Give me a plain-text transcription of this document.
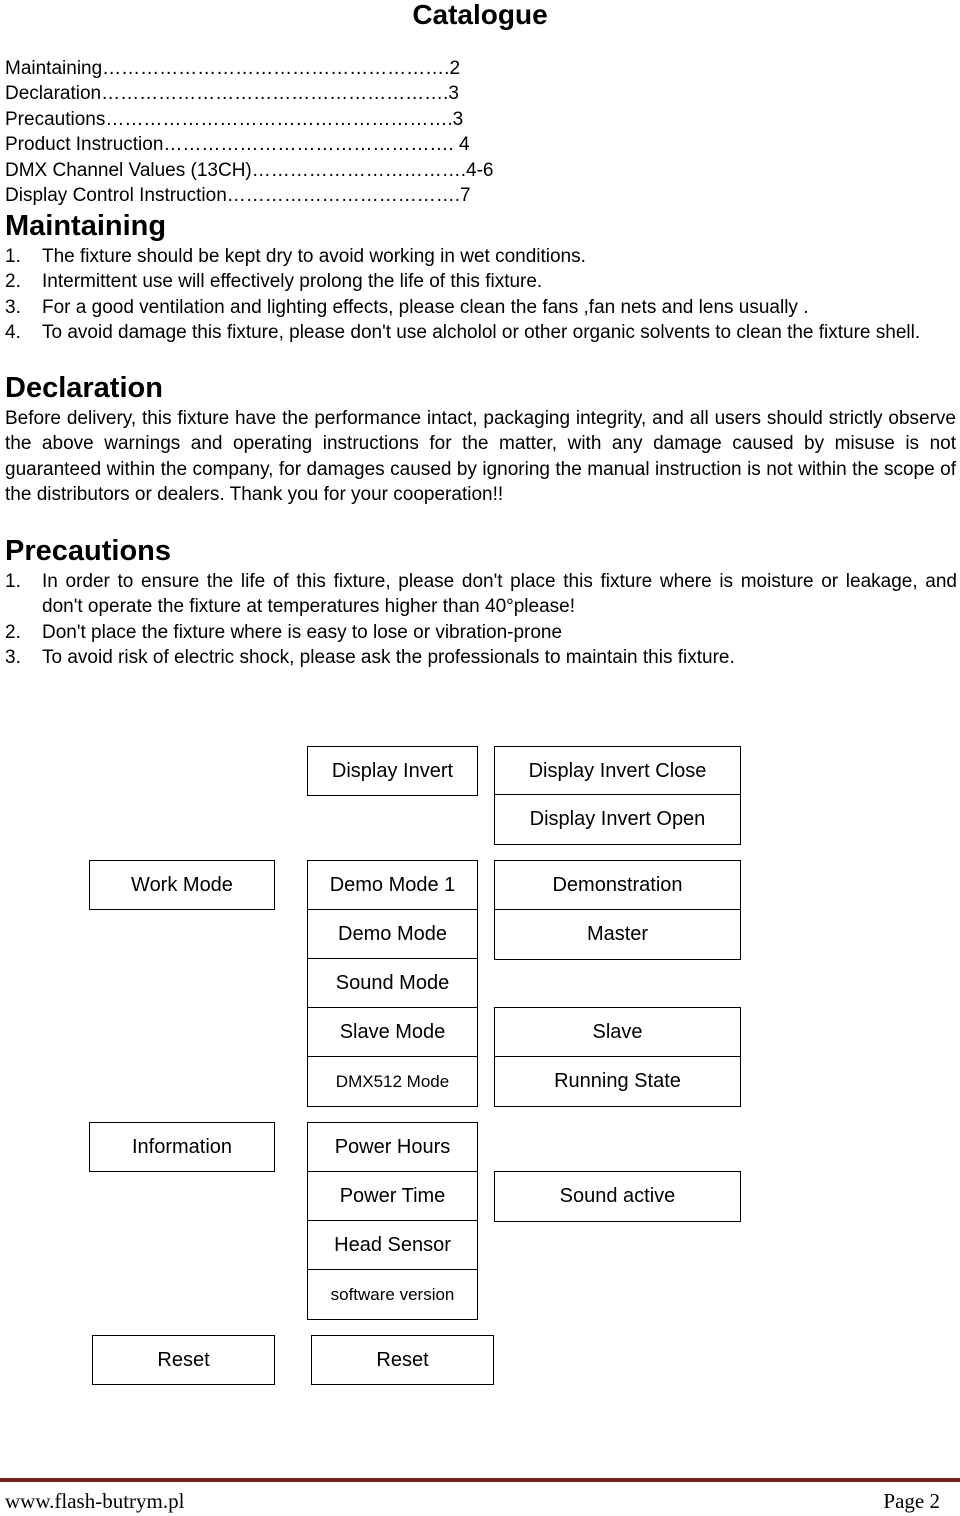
Catalogue
Maintaining……………………………………………….2
Declaration……………………………………………….3
Precautions……………………………………………….3
Product Instruction………………………………………. 4
DMX Channel Values (13CH)…………………………….4-6
Display Control Instruction……………………………….7
Maintaining
1.	The fixture should be kept dry to avoid working in wet conditions.
2.	Intermittent use will effectively prolong the life of this fixture.
3.	For a good ventilation and lighting effects, please clean the fans ,fan nets and lens usually .
4.	To avoid damage this fixture, please don't use alcholol or other organic solvents to clean the fixture shell.
Declaration
Before delivery, this fixture have the performance intact, packaging integrity, and all users should strictly observe the above warnings and operating instructions for the matter, with any damage caused by misuse is not guaranteed within the company, for damages caused by ignoring the manual instruction is not within the scope of the distributors or dealers. Thank you for your cooperation!!
Precautions
1.	In order to ensure the life of this fixture, please don't place this fixture where is moisture or leakage, and don't operate the fixture at temperatures higher than 40°please!
2.	Don't place the fixture where is easy to lose or vibration-prone
3.	To avoid risk of electric shock, please ask the professionals to maintain this fixture.
Display Invert	Display Invert Close
Display Invert Open
Work Mode	Demo Mode 1	Demonstration
Demo Mode	Master
Sound Mode
Slave Mode	Slave
DMX512 Mode	Running State
Information	Power Hours
Power Time	Sound active
Head Sensor
software version
Reset	Reset
www.flash-butrym.pl	Page 2
